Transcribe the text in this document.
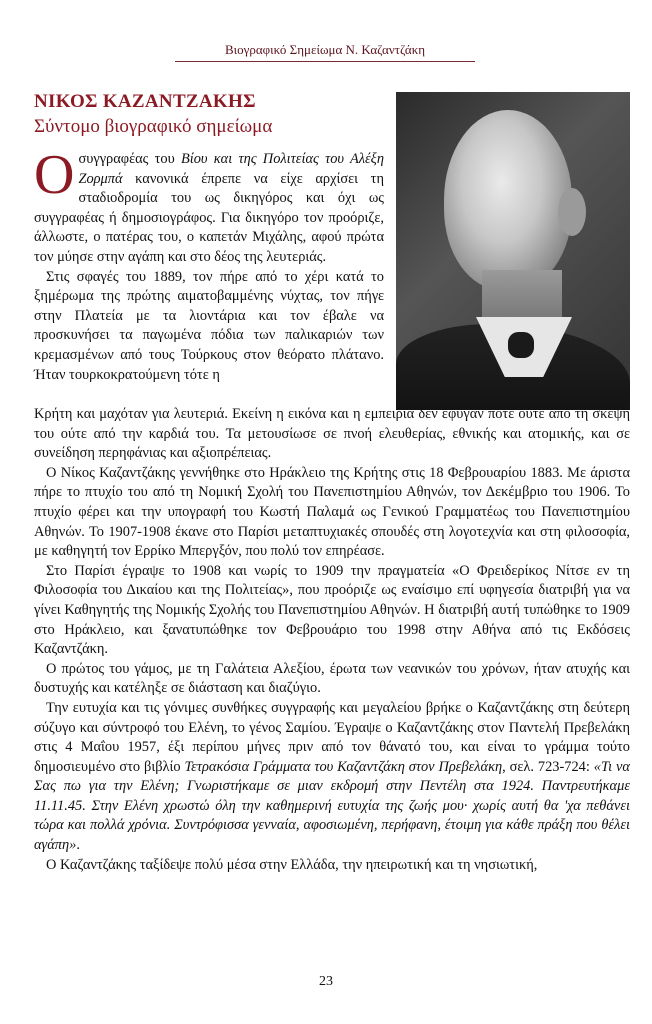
Βιογραφικό Σημείωμα Ν. Καζαντζάκη
ΝΙΚΟΣ ΚΑΖΑΝΤΖΑΚΗΣ
Σύντομο βιογραφικό σημείωμα

Ο συγγραφέας του Βίου και της Πολιτείας του Αλέξη Ζορμπά κανονικά έπρεπε να είχε αρχίσει τη σταδιοδρομία του ως δικηγόρος και όχι ως συγγραφέας ή δημοσιογράφος. Για δικηγόρο τον προόριζε, άλλωστε, ο πατέρας του, ο καπετάν Μιχάλης, αφού πρώτα τον μύησε στην αγάπη και στο δέος της λευτεριάς.

Στις σφαγές του 1889, τον πήρε από το χέρι κατά το ξημέρωμα της πρώτης αιματοβαμμένης νύχτας, τον πήγε στην Πλατεία με τα λιοντάρια και τον έβαλε να προσκυνήσει τα παγωμένα πόδια των παλικαριών των κρεμασμένων από τους Τούρκους στον θεόρατο πλάτανο. Ήταν τουρκοκρατούμενη τότε η

Κρήτη και μαχόταν για λευτεριά. Εκείνη η εικόνα και η εμπειρία δεν έφυγαν ποτέ ούτε από τη σκέψη του ούτε από την καρδιά του. Τα μετουσίωσε σε πνοή ελευθερίας, εθνικής και ατομικής, και σε συνείδηση περηφάνιας και αξιοπρέπειας.

Ο Νίκος Καζαντζάκης γεννήθηκε στο Ηράκλειο της Κρήτης στις 18 Φεβρουαρίου 1883. Με άριστα πήρε το πτυχίο του από τη Νομική Σχολή του Πανεπιστημίου Αθηνών, τον Δεκέμβριο του 1906. Το πτυχίο φέρει και την υπογραφή του Κωστή Παλαμά ως Γενικού Γραμματέως του Πανεπιστημίου Αθηνών. Το 1907-1908 έκανε στο Παρίσι μεταπτυχιακές σπουδές στη λογοτεχνία και στη φιλοσοφία, με καθηγητή τον Ερρίκο Μπεργξόν, που πολύ τον επηρέασε.

Στο Παρίσι έγραψε το 1908 και νωρίς το 1909 την πραγματεία «Ο Φρειδερίκος Νίτσε εν τη Φιλοσοφία του Δικαίου και της Πολιτείας», που προόριζε ως εναίσιμο επί υφηγεσία διατριβή για να γίνει Καθηγητής της Νομικής Σχολής του Πανεπιστημίου Αθηνών. Η διατριβή αυτή τυπώθηκε το 1909 στο Ηράκλειο, και ξανατυπώθηκε τον Φεβρουάριο του 1998 στην Αθήνα από τις Εκδόσεις Καζαντζάκη.

Ο πρώτος του γάμος, με τη Γαλάτεια Αλεξίου, έρωτα των νεανικών του χρόνων, ήταν ατυχής και δυστυχής και κατέληξε σε διάσταση και διαζύγιο.

Την ευτυχία και τις γόνιμες συνθήκες συγγραφής και μεγαλείου βρήκε ο Καζαντζάκης στη δεύτερη σύζυγο και σύντροφό του Ελένη, το γένος Σαμίου. Έγραψε ο Καζαντζάκης στον Παντελή Πρεβελάκη στις 4 Μαΐου 1957, έξι περίπου μήνες πριν από τον θάνατό του, και είναι το γράμμα τούτο δημοσιευμένο στο βιβλίο Τετρακόσια Γράμματα του Καζαντζάκη στον Πρεβελάκη, σελ. 723-724: «Τι να Σας πω για την Ελένη; Γνωριστήκαμε σε μιαν εκδρομή στην Πεντέλη στα 1924. Παντρευτήκαμε 11.11.45. Στην Ελένη χρωστώ όλη την καθημερινή ευτυχία της ζωής μου· χωρίς αυτή θα 'χα πεθάνει τώρα και πολλά χρόνια. Συντρόφισσα γενναία, αφοσιωμένη, περήφανη, έτοιμη για κάθε πράξη που θέλει αγάπη».

Ο Καζαντζάκης ταξίδεψε πολύ μέσα στην Ελλάδα, την ηπειρωτική και τη νησιωτική,

23
